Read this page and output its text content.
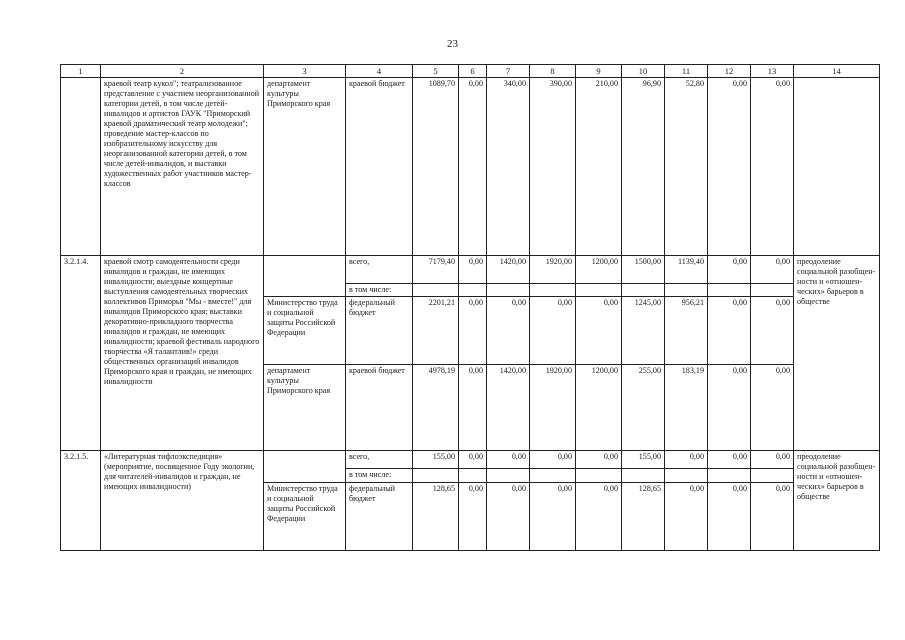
23
1	2	3	4	5	6	7	8	9	10	11	12	13	14
	краевой театр кукол"; театрализованное представление с участием неорганизованной категории детей, в том числе детей-инвалидов и артистов ГАУК "Приморский краевой драматический театр молодежи"; проведение мастер-классов по изобразительному искусству для неорганизованной категории детей, в том числе детей-инвалидов, и выставки художественных работ участников мастер-классов	департамент культуры Приморского края	краевой бюджет	1089,70	0,00	340,00	390,00	210,00	96,90	52,80	0,00	0,00	
3.2.1.4.	краевой смотр самодеятельности среди инвалидов и граждан, не имеющих инвалидности; выездные концертные выступления самодеятельных творческих коллективов Приморья "Мы - вместе!" для инвалидов Приморского края; выставки декоративно-прикладного творчества инвалидов и граждан, не имеющих инвалидности; краевой фестиваль народного творчества «Я талантлив!» среди общественных организаций инвалидов Приморского края и граждан, не имеющих инвалидности		всего,	7179,40	0,00	1420,00	1920,00	1200,00	1500,00	1139,40	0,00	0,00	преодоление социальной разобщен-ности и «отношен-ческих» барьеров в обществе
			в том числе:										
		Министерство труда и социальной защиты Российской Федерации	федеральный бюджет	2201,21	0,00	0,00	0,00	0,00	1245,00	956,21	0,00	0,00	
		департамент культуры Приморского края	краевой бюджет	4978,19	0,00	1420,00	1920,00	1200,00	255,00	183,19	0,00	0,00	
3.2.1.5.	«Литературная тифлоэкспедиция» (мероприятие, посвященное Году экологии, для читателей-инвалидов и граждан, не имеющих инвалидности)		всего,	155,00	0,00	0,00	0,00	0,00	155,00	0,00	0,00	0,00	преодоление социальной разобщен-ности и «отношен-ческих» барьеров в обществе
			в том числе:										
		Министерство труда и социальной защиты Российской Федерации	федеральный бюджет	128,65	0,00	0,00	0,00	0,00	128,65	0,00	0,00	0,00	
